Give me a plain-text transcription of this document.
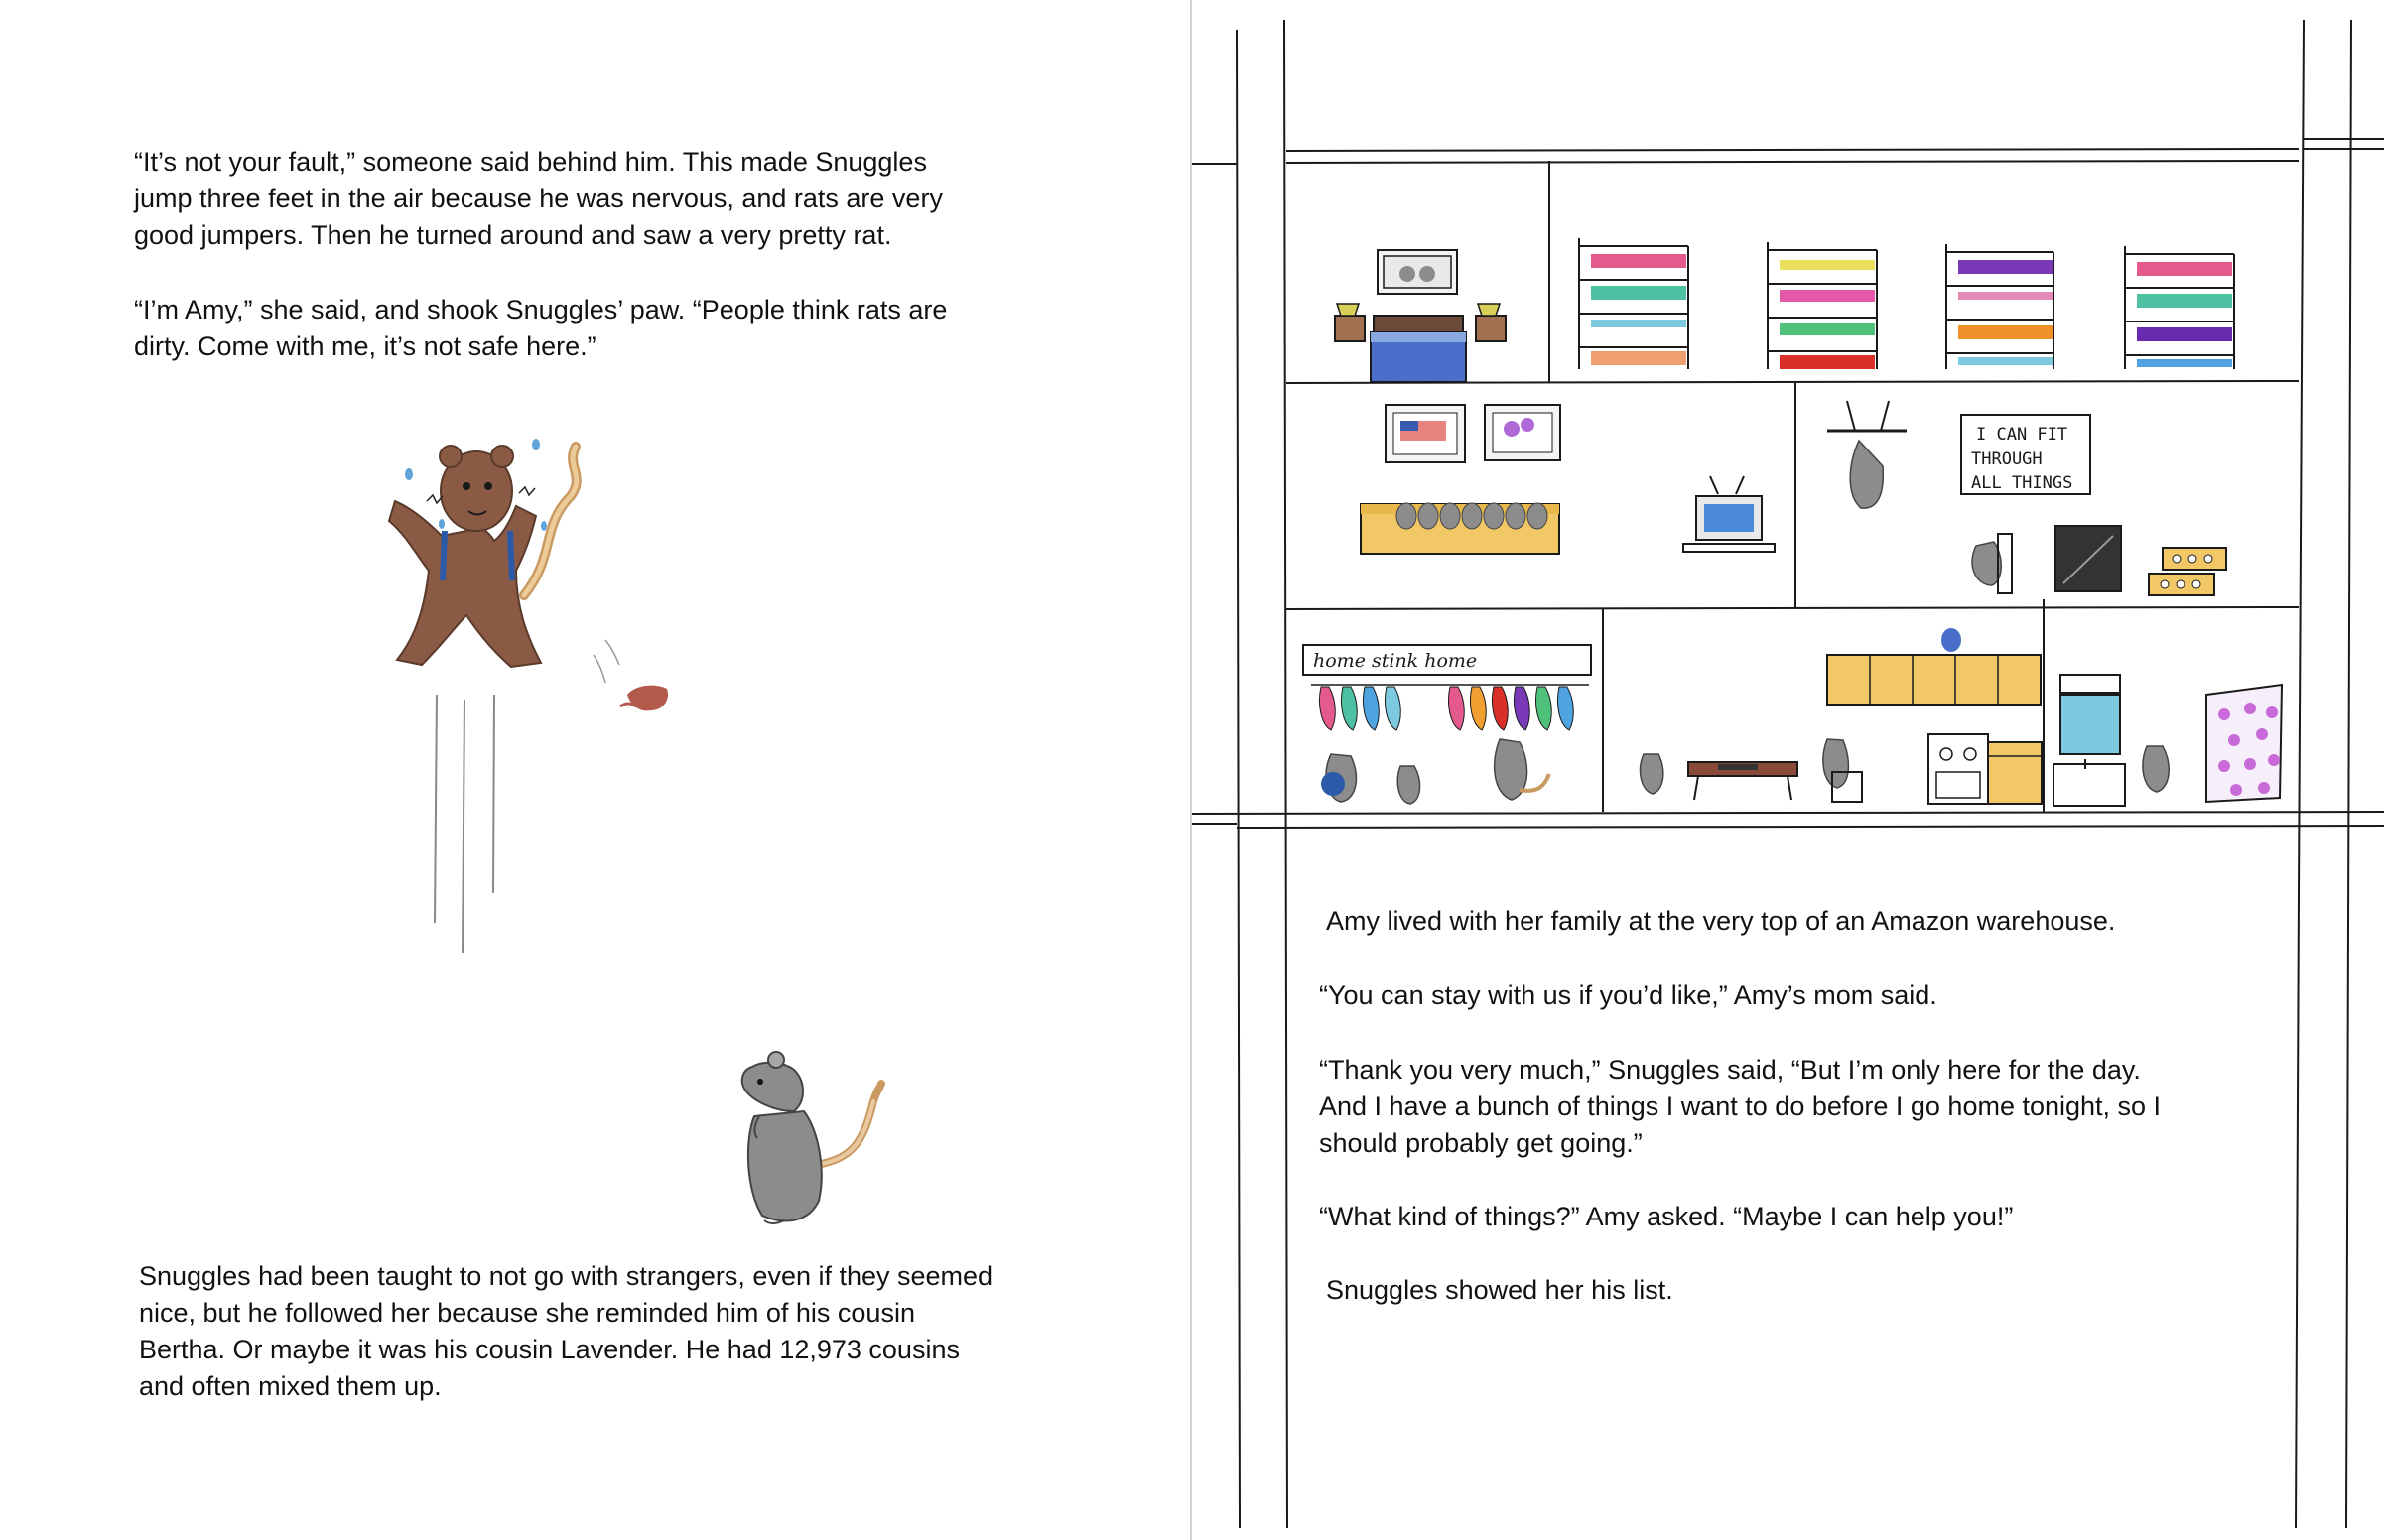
“It’s not your fault,” someone said behind him. This made Snuggles
jump three feet in the air because he was nervous, and rats are very
good jumpers. Then he turned around and saw a very pretty rat.

“I’m Amy,” she said, and shook Snuggles’ paw. “People think rats are
dirty. Come with me, it’s not safe here.”

Snuggles had been taught to not go with strangers, even if they seemed
nice, but he followed her because she reminded him of his cousin
Bertha. Or maybe it was his cousin Lavender. He had 12,973 cousins
and often mixed them up.

I CAN FIT
THROUGH
ALL THINGS
home stink home

Amy lived with her family at the very top of an Amazon warehouse.

“You can stay with us if you’d like,” Amy’s mom said.

“Thank you very much,” Snuggles said, “But I’m only here for the day.
And I have a bunch of things I want to do before I go home tonight, so I
should probably get going.”

“What kind of things?” Amy asked. “Maybe I can help you!”

Snuggles showed her his list.
